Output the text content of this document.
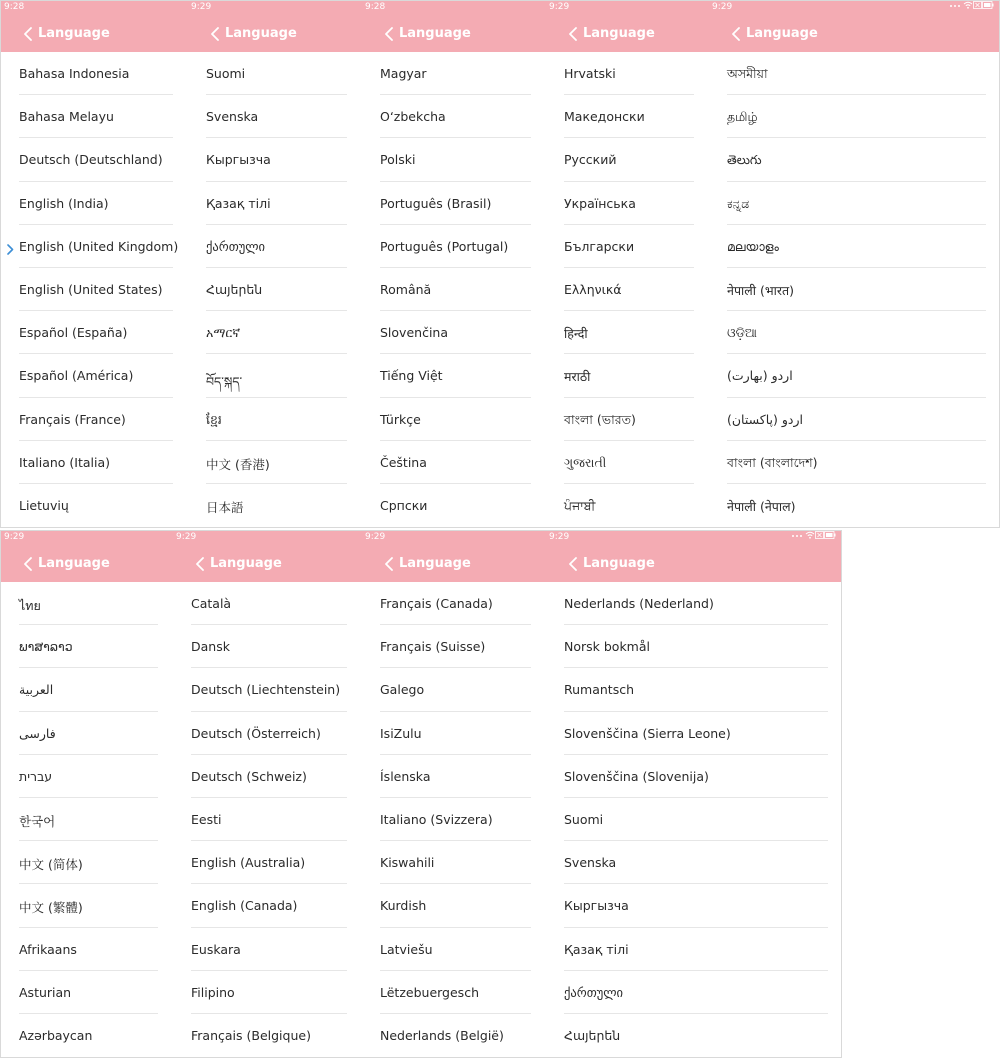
9:28
Language
Bahasa Indonesia
Bahasa Melayu
Deutsch (Deutschland)
English (India)
English (United Kingdom)
English (United States)
Español (España)
Español (América)
Français (France)
Italiano (Italia)
Lietuvių
9:29
Language
Suomi
Svenska
Кыргызча
Қазақ тілі
ქართული
Հայերեն
አማርኛ
བོད་སྐད་
ខ្មែរ
中文 (香港)
日本語
9:28
Language
Magyar
O‘zbekcha
Polski
Português (Brasil)
Português (Portugal)
Română
Slovenčina
Tiếng Việt
Türkçe
Čeština
Српски
9:29
Language
Hrvatski
Македонски
Русский
Українська
Български
Ελληνικά
हिन्दी
मराठी
বাংলা (ভারত)
ગુજરાતી
ਪੰਜਾਬੀ
9:29
Language
অসমীয়া
தமிழ்
తెలుగు
ಕನ್ನಡ
മലയാളം
नेपाली (भारत)
ଓଡ଼ିଆ
اردو (بھارت)
اردو (پاکستان)
বাংলা (বাংলাদেশ)
नेपाली (नेपाल)
9:29
Language
ไทย
ພາສາລາວ
العربية
فارسی
עברית
한국어
中文 (简体)
中文 (繁體)
Afrikaans
Asturian
Azərbaycan
9:29
Language
Català
Dansk
Deutsch (Liechtenstein)
Deutsch (Österreich)
Deutsch (Schweiz)
Eesti
English (Australia)
English (Canada)
Euskara
Filipino
Français (Belgique)
9:29
Language
Français (Canada)
Français (Suisse)
Galego
IsiZulu
Íslenska
Italiano (Svizzera)
Kiswahili
Kurdish
Latviešu
Lëtzebuergesch
Nederlands (België)
9:29
Language
Nederlands (Nederland)
Norsk bokmål
Rumantsch
Slovenščina (Sierra Leone)
Slovenščina (Slovenija)
Suomi
Svenska
Кыргызча
Қазақ тілі
ქართული
Հայերեն
